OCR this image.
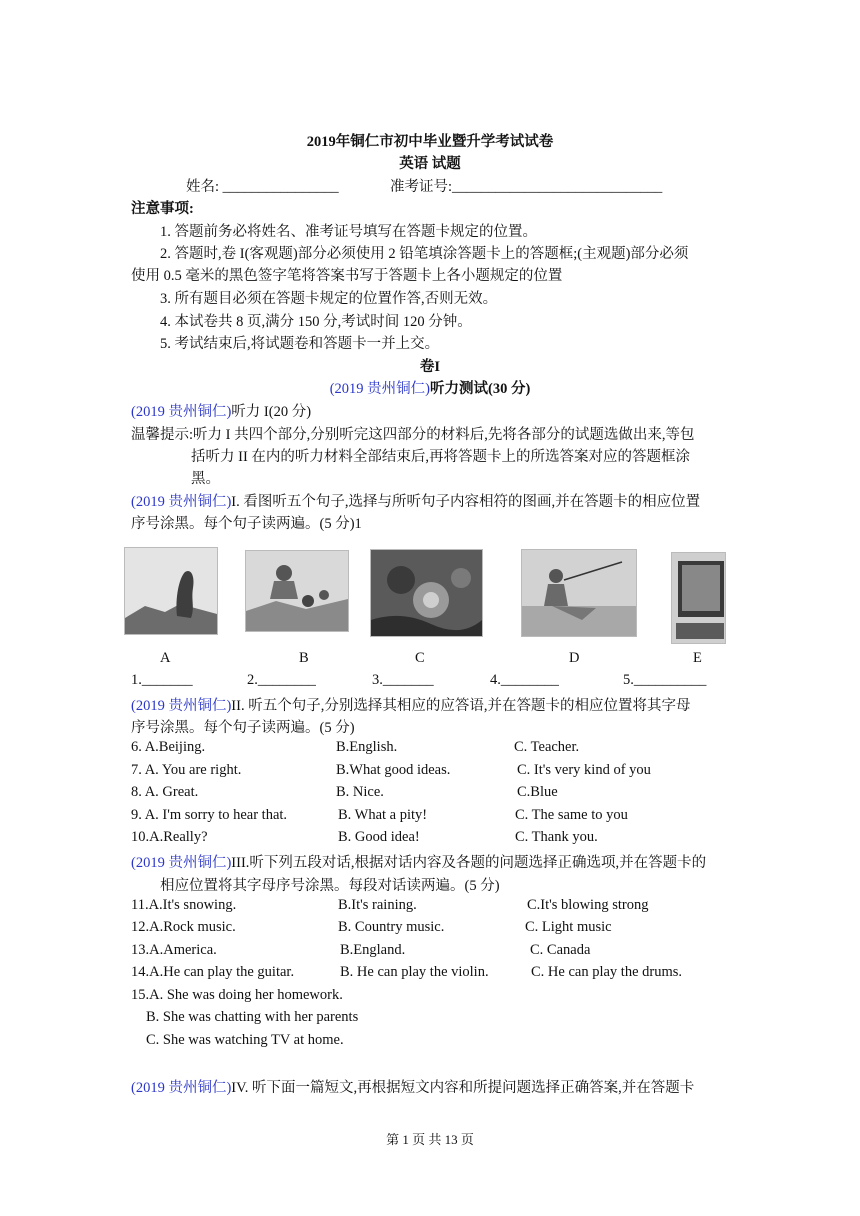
2019年铜仁市初中毕业暨升学考试试卷
英语 试题
姓名: ________________	准考证号:_____________________________
注意事项:
1. 答题前务必将姓名、准考证号填写在答题卡规定的位置。
2. 答题时,卷 I(客观题)部分必须使用 2 铅笔填涂答题卡上的答题框;(主观题)部分必须
使用 0.5 毫米的黑色签字笔将答案书写于答题卡上各小题规定的位置
3. 所有题目必须在答题卡规定的位置作答,否则无效。
4. 本试卷共 8 页,满分 150 分,考试时间 120 分钟。
5. 考试结束后,将试题卷和答题卡一并上交。
卷I
(2019 贵州铜仁)听力测试(30 分)
(2019 贵州铜仁)听力 I(20 分)
温馨提示:听力 I 共四个部分,分别听完这四部分的材料后,先将各部分的试题选做出来,等包
括听力 II 在内的听力材料全部结束后,再将答题卡上的所选答案对应的答题框涂
黑。
(2019 贵州铜仁)I. 看图听五个句子,选择与所听句子内容相符的图画,并在答题卡的相应位置
序号涂黑。每个句子读两遍。(5 分)1
A	B	C	D	E
1._______	2.________	3._______	4.________	5.__________
(2019 贵州铜仁)II. 听五个句子,分别选择其相应的应答语,并在答题卡的相应位置将其字母
序号涂黑。每个句子读两遍。(5 分)
6. A.Beijing.	B.English.	C. Teacher.
7. A. You are right.	B.What good ideas.	C. It's very kind of you
8. A. Great.	B. Nice.	C.Blue
9. A. I'm sorry to hear that.	B. What a pity!	C. The same to you
10.A.Really?	B. Good idea!	C. Thank you.
(2019 贵州铜仁)III.听下列五段对话,根据对话内容及各题的问题选择正确选项,并在答题卡的
相应位置将其字母序号涂黑。每段对话读两遍。(5 分)
11.A.It's snowing.	B.It's raining.	C.It's blowing strong
12.A.Rock music.	B. Country music.	C. Light music
13.A.America.	B.England.	C. Canada
14.A.He can play the guitar.	B. He can play the violin.	C. He can play the drums.
15.A. She was doing her homework.
B. She was chatting with her parents
C. She was watching TV at home.
(2019 贵州铜仁)IV. 听下面一篇短文,再根据短文内容和所提问题选择正确答案,并在答题卡
第 1 页 共 13 页
